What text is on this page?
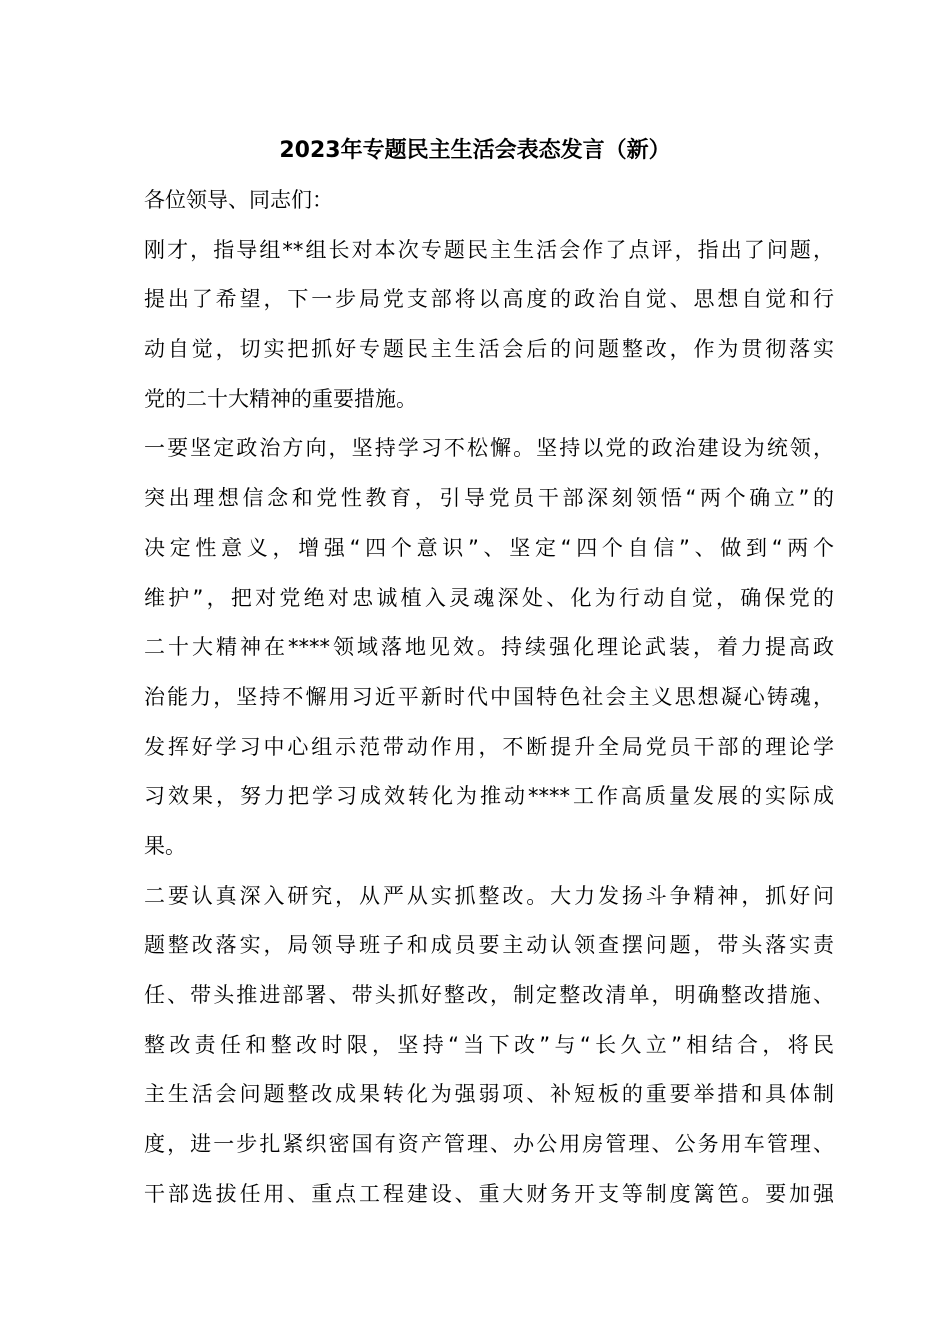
2023年专题民主生活会表态发言（新）
各位领导、同志们：
刚才，指导组**组长对本次专题民主生活会作了点评，指出了问题，
提出了希望，下一步局党支部将以高度的政治自觉、思想自觉和行
动自觉，切实把抓好专题民主生活会后的问题整改，作为贯彻落实
党的二十大精神的重要措施。
一要坚定政治方向，坚持学习不松懈。坚持以党的政治建设为统领，
突出理想信念和党性教育，引导党员干部深刻领悟“两个确立”的
决定性意义，增强“四个意识”、坚定“四个自信”、做到“两个
维护”，把对党绝对忠诚植入灵魂深处、化为行动自觉，确保党的
二十大精神在****领域落地见效。持续强化理论武装，着力提高政
治能力，坚持不懈用习近平新时代中国特色社会主义思想凝心铸魂，
发挥好学习中心组示范带动作用，不断提升全局党员干部的理论学
习效果，努力把学习成效转化为推动****工作高质量发展的实际成
果。
二要认真深入研究，从严从实抓整改。大力发扬斗争精神，抓好问
题整改落实，局领导班子和成员要主动认领查摆问题，带头落实责
任、带头推进部署、带头抓好整改，制定整改清单，明确整改措施、
整改责任和整改时限，坚持“当下改”与“长久立”相结合，将民
主生活会问题整改成果转化为强弱项、补短板的重要举措和具体制
度，进一步扎紧织密国有资产管理、办公用房管理、公务用车管理、
干部选拔任用、重点工程建设、重大财务开支等制度篱笆。要加强
